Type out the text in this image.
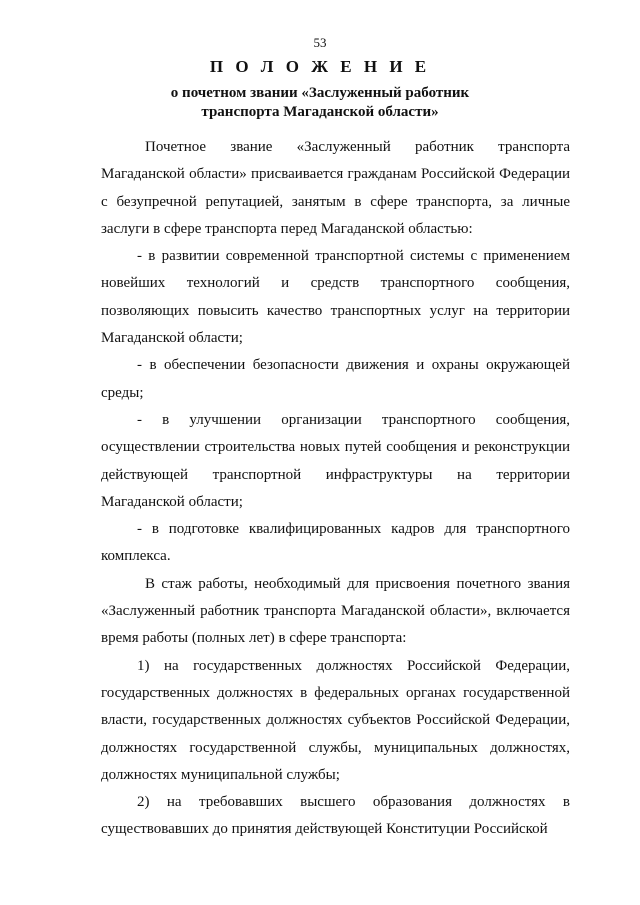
53
П О Л О Ж Е Н И Е
о почетном звании «Заслуженный работник
транспорта Магаданской области»

Почетное звание «Заслуженный работник транспорта Магаданской области» присваивается гражданам Российской Федерации с безупречной репутацией, занятым в сфере транспорта, за личные заслуги в сфере транспорта перед Магаданской областью:

- в развитии современной транспортной системы с применением новейших технологий и средств транспортного сообщения, позволяющих повысить качество транспортных услуг на территории Магаданской области;

- в обеспечении безопасности движения и охраны окружающей среды;

- в улучшении организации транспортного сообщения, осуществлении строительства новых путей сообщения и реконструкции действующей транспортной инфраструктуры на территории Магаданской области;

- в подготовке квалифицированных кадров для транспортного комплекса.

В стаж работы, необходимый для присвоения почетного звания «Заслуженный работник транспорта Магаданской области», включается время работы (полных лет) в сфере транспорта:

1) на государственных должностях Российской Федерации, государственных должностях в федеральных органах государственной власти, государственных должностях субъектов Российской Федерации, должностях государственной службы, муниципальных должностях, должностях муниципальной службы;

2) на требовавших высшего образования должностях в существовавших до принятия действующей Конституции Российской
